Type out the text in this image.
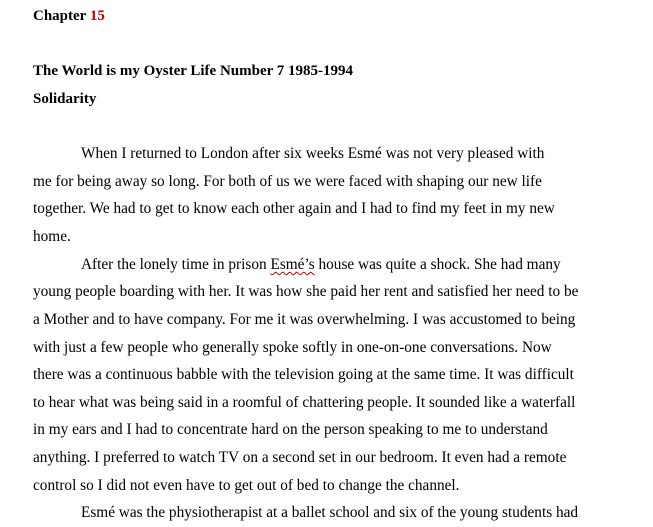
Chapter 15
The World is my Oyster Life Number 7 1985-1994
Solidarity
When I returned to London after six weeks Esmé was not very pleased with
me for being away so long. For both of us we were faced with shaping our new life
together. We had to get to know each other again and I had to find my feet in my new
home.
After the lonely time in prison Esmé’s house was quite a shock. She had many
young people boarding with her. It was how she paid her rent and satisfied her need to be
a Mother and to have company. For me it was overwhelming. I was accustomed to being
with just a few people who generally spoke softly in one-on-one conversations. Now
there was a continuous babble with the television going at the same time. It was difficult
to hear what was being said in a roomful of chattering people. It sounded like a waterfall
in my ears and I had to concentrate hard on the person speaking to me to understand
anything. I preferred to watch TV on a second set in our bedroom. It even had a remote
control so I did not even have to get out of bed to change the channel.
Esmé was the physiotherapist at a ballet school and six of the young students had
